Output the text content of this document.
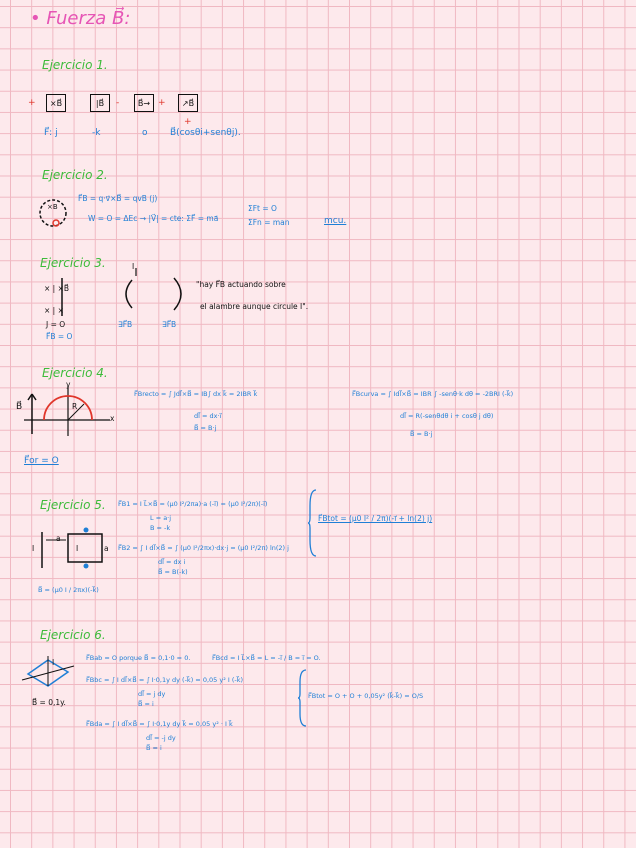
• Fuerza B⃗:
Ejercicio 1.
+	×B⃗	|B⃗	-	B⃗→ +	↗B⃗
+
F⃗: j	-k	o B⃗(cosθi+senθj).
Ejercicio 2.
×B
F⃗B = q·v⃗×B⃗ = qvB (j)
W = O = ΔEc → |V⃗| = cte: ΣF⃗ = ma⃗
ΣFt = O
ΣFn = man	mcu.
Ejercicio 3.	I
× | ×B⃗
× | ×
J = O
F⃗B = O
∃F⃗B	∃F⃗B
"hay F⃗B actuando sobre
el alambre aunque circule I".
Ejercicio 4.
B⃗	R
x
y
F⃗or = O
F⃗Brecto = ∫ Jdl⃗×B⃗ = IB∫ dx k⃗ = 2IBR k⃗
dl⃗ = dx·i⃗
B⃗ = B·j
F⃗Bcurva = ∫ Idl⃗×B⃗ = IBR ∫ -senθ·k dθ = -2BRI (-k⃗)
dl⃗ = R(-senθdθ i + cosθ j dθ)
B⃗ = B·j
Ejercicio 5.
I
a
I	a
B⃗ = (μ0 I / 2πx)(-k⃗)
F⃗B1 = I L⃗×B⃗ = (μ0 I²/2πa)·a (-i⃗) = (μ0 I²/2π)(-i⃗)
L = a·j
B = -k
F⃗B2 = ∫ I dl⃗×B⃗ = ∫ (μ0 I²/2πx)·dx·j = (μ0 I²/2π) ln(2) j
dl⃗ = dx i
B⃗ = B(-k)
F⃗Btot = (μ0 I² / 2π)(-i⃗ + ln(2) j)
Ejercicio 6.
I
B⃗ = 0,1y.
F⃗Bab = O porque B⃗ = 0,1·0 = 0.	F⃗Bcd = I L⃗×B⃗ = L = -i⃗ / B = i⃗ = O.
F⃗Bbc = ∫ I dl⃗×B⃗ = ∫ I·0,1y dy (-k⃗) = 0,05 y² I (-k⃗)
dl⃗ = j dy
B⃗ = i
F⃗Bda = ∫ I dl⃗×B⃗ = ∫ I·0,1y dy k⃗ = 0,05 y² · I k⃗
dl⃗ = -j dy
B⃗ = i
F⃗Btot = O + O + 0,05y² (k⃗-k⃗) = O/S
